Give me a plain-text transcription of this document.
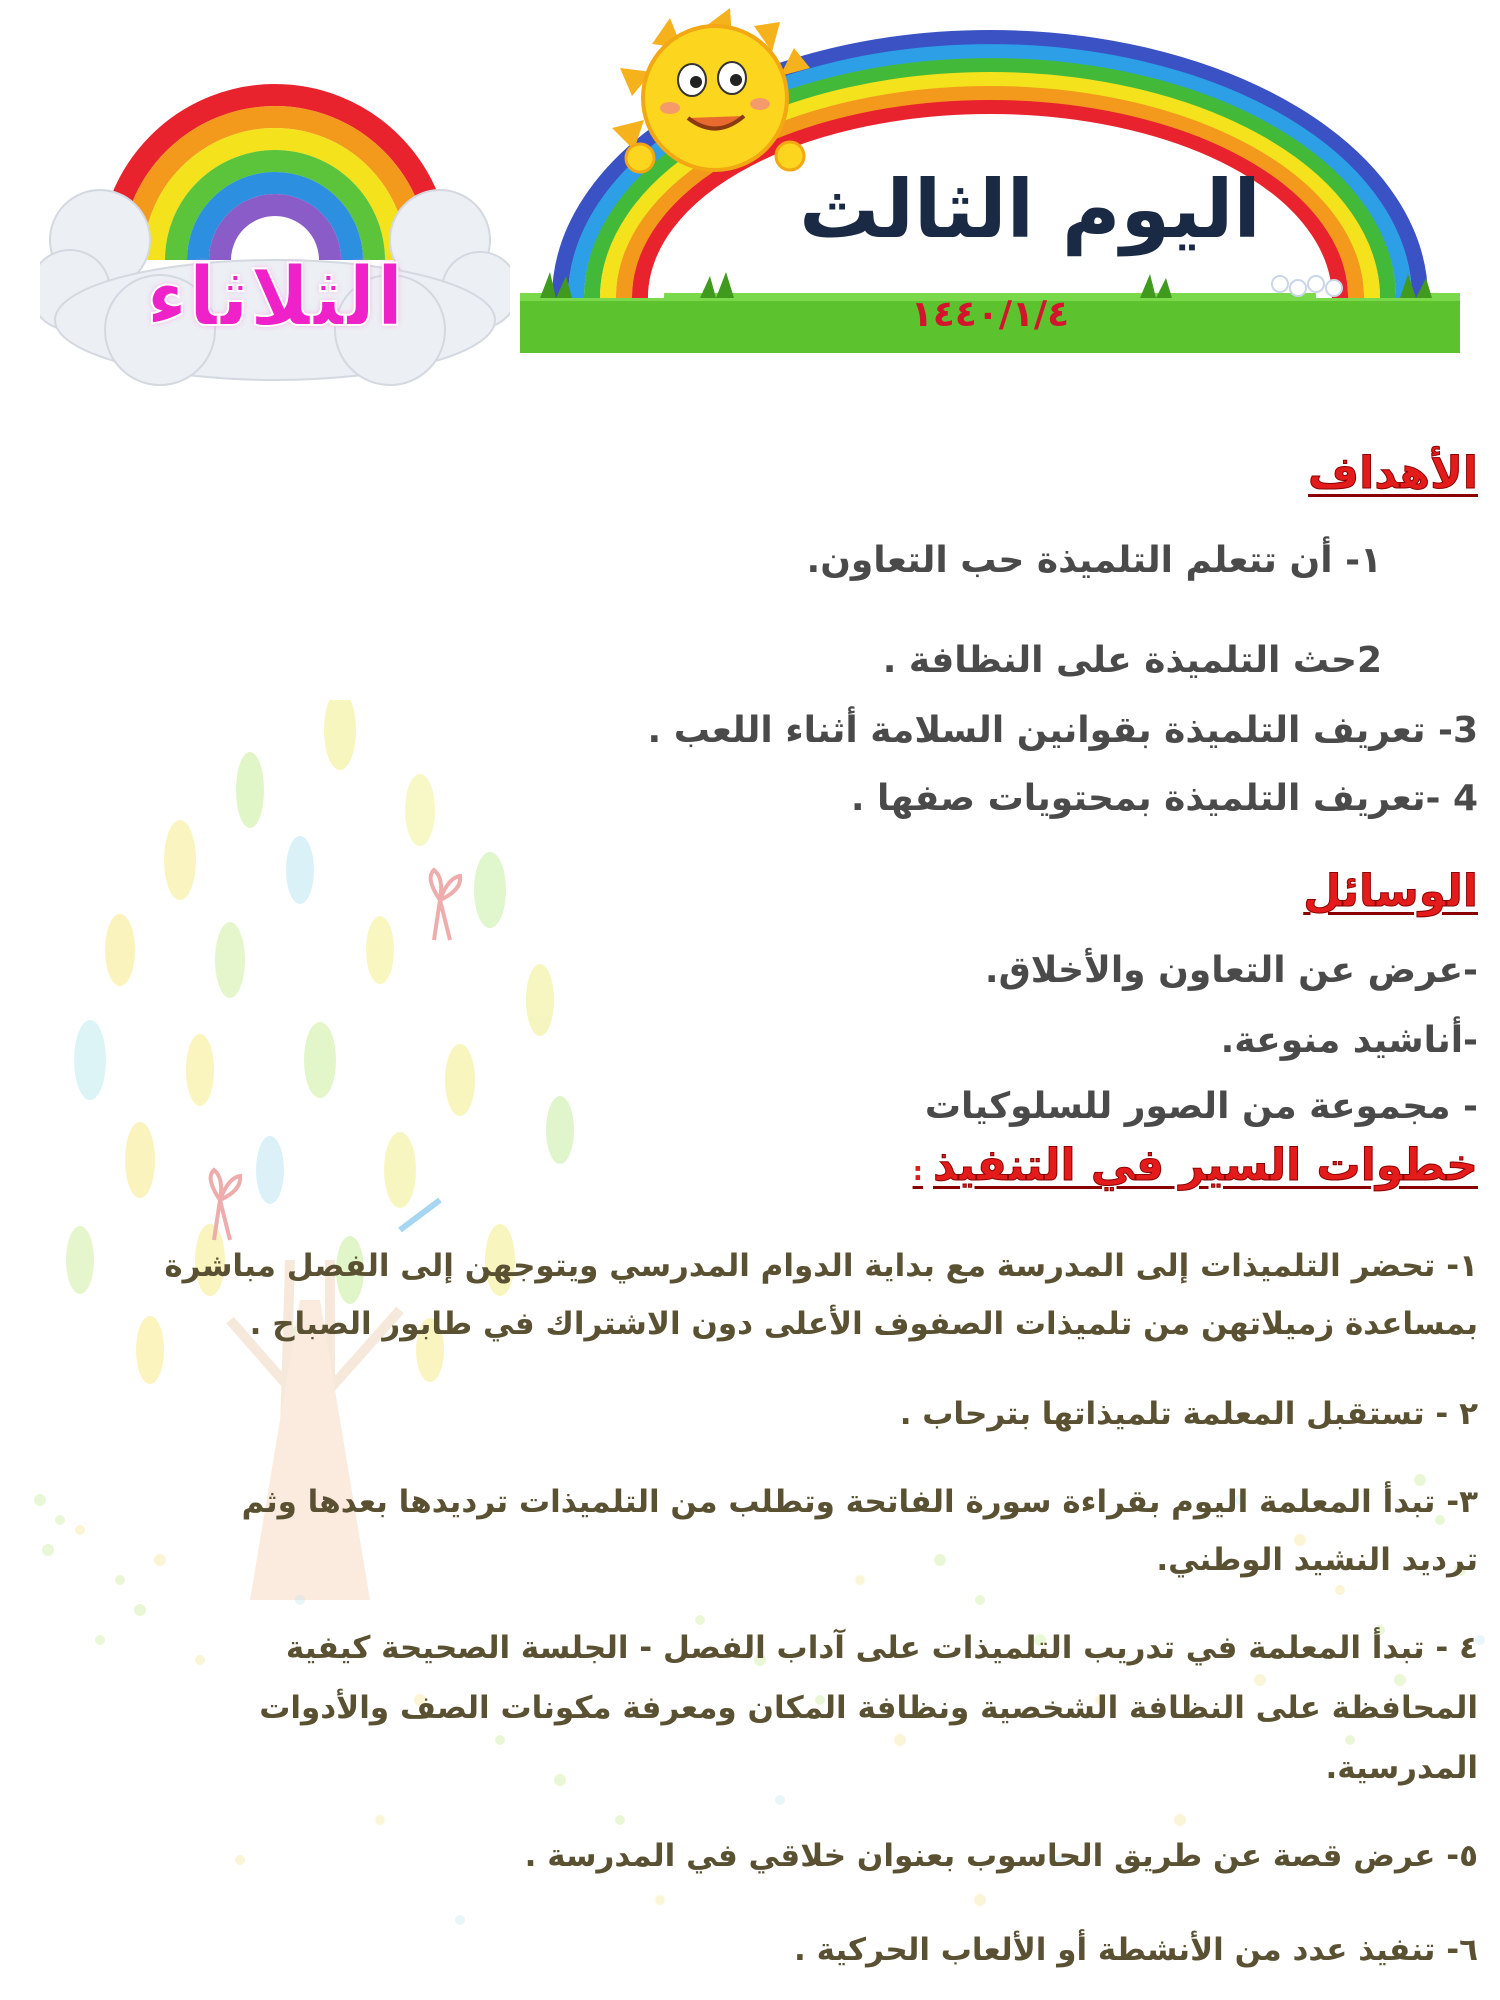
الثلاثاء
اليوم الثالث
١٤٤٠/١/٤
الأهداف
١- أن تتعلم التلميذة حب التعاون.
2حث التلميذة على النظافة .
3- تعريف التلميذة بقوانين السلامة أثناء اللعب .
4 -تعريف التلميذة بمحتويات صفها .
الوسائل
-عرض عن التعاون والأخلاق.
-أناشيد منوعة.
- مجموعة من الصور للسلوكيات
خطوات السير في التنفيذ:
١- تحضر التلميذات إلى المدرسة مع بداية الدوام المدرسي ويتوجهن إلى الفصل مباشرة
بمساعدة زميلاتهن من تلميذات الصفوف الأعلى دون الاشتراك في طابور الصباح .
٢ - تستقبل المعلمة تلميذاتها بترحاب .
٣- تبدأ المعلمة اليوم بقراءة سورة الفاتحة وتطلب من التلميذات ترديدها بعدها وثم
ترديد النشيد الوطني.
٤ - تبدأ المعلمة في تدريب التلميذات على آداب الفصل - الجلسة الصحيحة كيفية
المحافظة على النظافة الشخصية ونظافة المكان ومعرفة مكونات الصف والأدوات
المدرسية.
٥- عرض قصة عن طريق الحاسوب بعنوان خلاقي في المدرسة .
٦- تنفيذ عدد من الأنشطة أو الألعاب الحركية .
